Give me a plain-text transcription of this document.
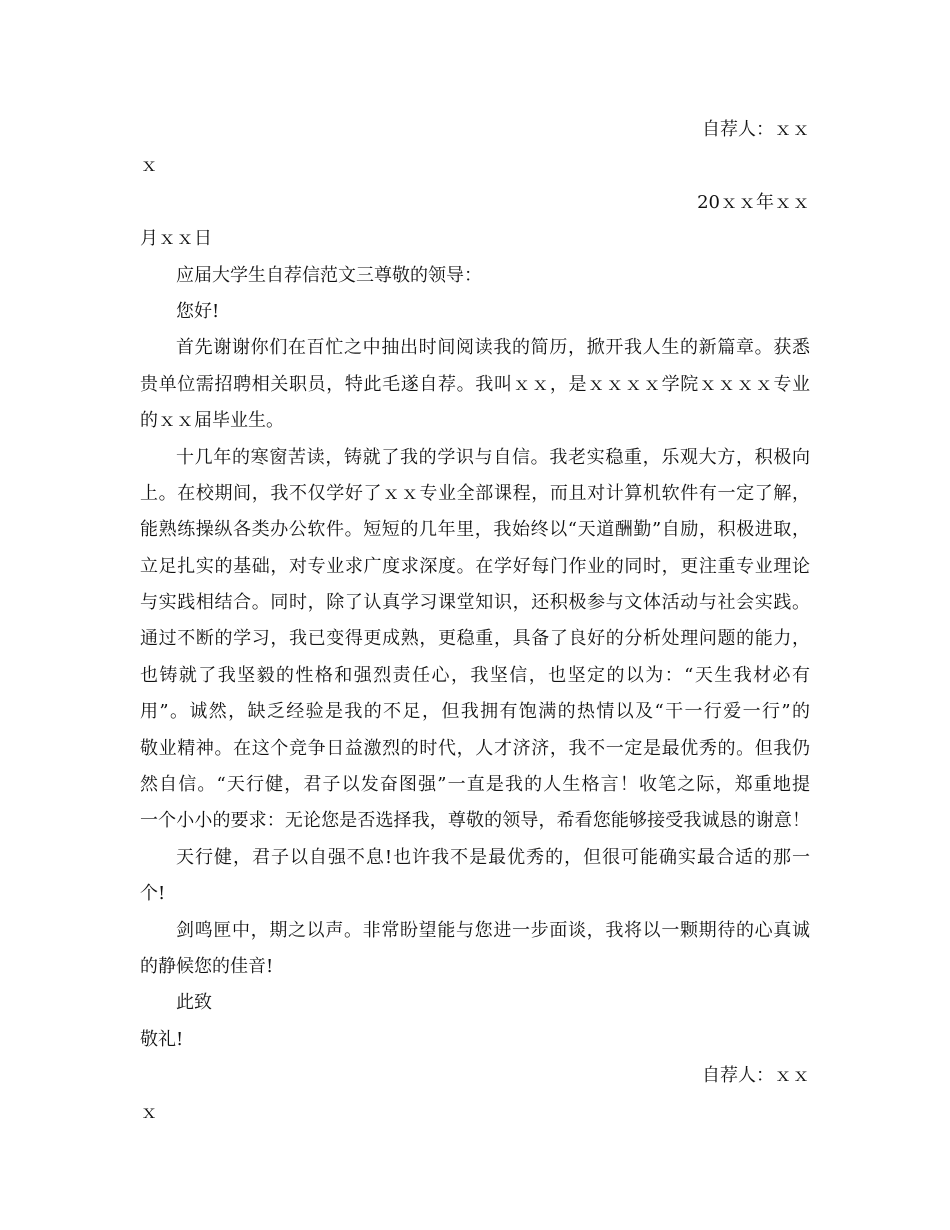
自荐人：ｘｘ
ｘ
20ｘｘ年ｘｘ
月ｘｘ日
应届大学生自荐信范文三尊敬的领导：
您好!
首先谢谢你们在百忙之中抽出时间阅读我的简历，掀开我人生的新篇章。获悉
贵单位需招聘相关职员，特此毛遂自荐。我叫ｘｘ，是ｘｘｘｘ学院ｘｘｘｘ专业
的ｘｘ届毕业生。
十几年的寒窗苦读，铸就了我的学识与自信。我老实稳重，乐观大方，积极向
上。在校期间，我不仅学好了ｘｘ专业全部课程，而且对计算机软件有一定了解，
能熟练操纵各类办公软件。短短的几年里，我始终以“天道酬勤”自励，积极进取，
立足扎实的基础，对专业求广度求深度。在学好每门作业的同时，更注重专业理论
与实践相结合。同时，除了认真学习课堂知识，还积极参与文体活动与社会实践。
通过不断的学习，我已变得更成熟，更稳重，具备了良好的分析处理问题的能力，
也铸就了我坚毅的性格和强烈责任心，我坚信，也坚定的以为：“天生我材必有
用”。诚然，缺乏经验是我的不足，但我拥有饱满的热情以及“干一行爱一行”的
敬业精神。在这个竞争日益激烈的时代，人才济济，我不一定是最优秀的。但我仍
然自信。“天行健，君子以发奋图强”一直是我的人生格言！收笔之际，郑重地提
一个小小的要求：无论您是否选择我，尊敬的领导，希看您能够接受我诚恳的谢意！
天行健，君子以自强不息!也许我不是最优秀的，但很可能确实最合适的那一
个!
剑鸣匣中，期之以声。非常盼望能与您进一步面谈，我将以一颗期待的心真诚
的静候您的佳音!
此致
敬礼!
自荐人：ｘｘ
ｘ
